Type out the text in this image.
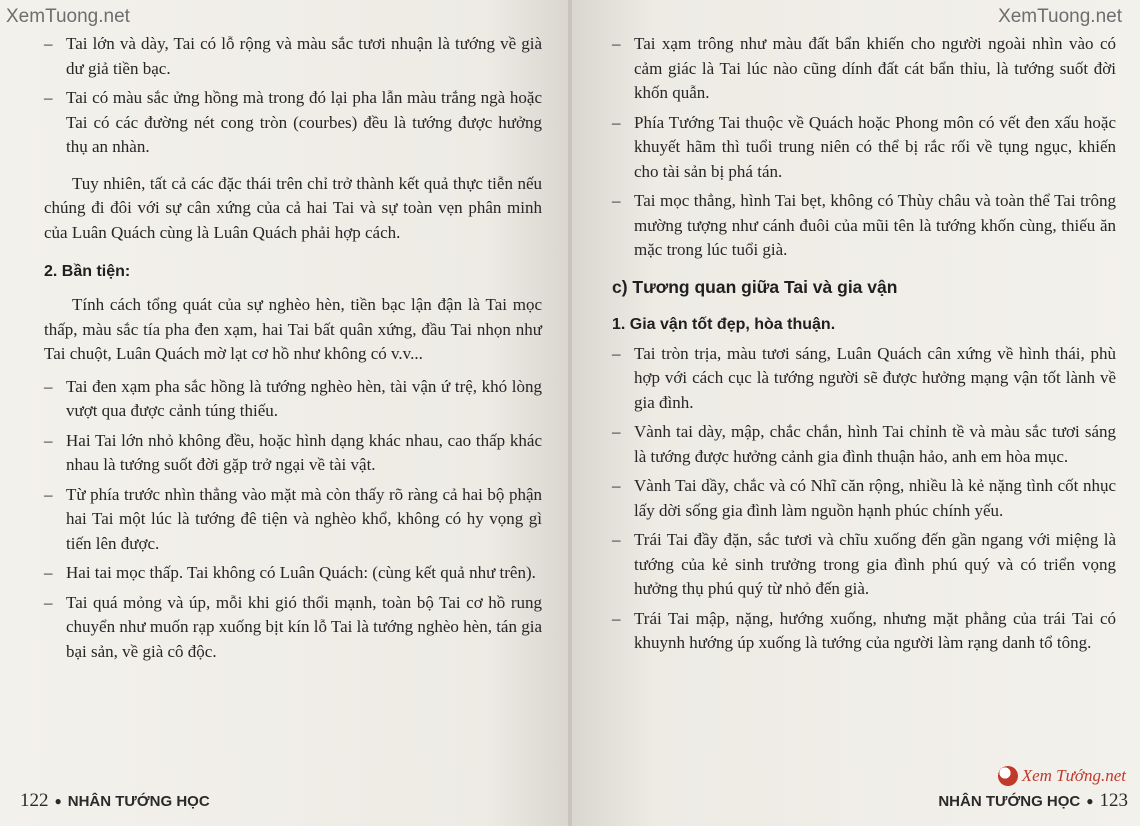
XemTuong.net
– Tai lớn và dày, Tai có lỗ rộng và màu sắc tươi nhuận là tướng về già dư giả tiền bạc.
– Tai có màu sắc ửng hồng mà trong đó lại pha lẫn màu trắng ngà hoặc Tai có các đường nét cong tròn (courbes) đều là tướng được hưởng thụ an nhàn.

Tuy nhiên, tất cả các đặc thái trên chỉ trở thành kết quả thực tiễn nếu chúng đi đôi với sự cân xứng của cả hai Tai và sự toàn vẹn phân minh của Luân Quách cùng là Luân Quách phải hợp cách.

2. Bần tiện:

Tính cách tổng quát của sự nghèo hèn, tiền bạc lận đận là Tai mọc thấp, màu sắc tía pha đen xạm, hai Tai bất quân xứng, đầu Tai nhọn như Tai chuột, Luân Quách mờ lạt cơ hồ như không có v.v...

– Tai đen xạm pha sắc hồng là tướng nghèo hèn, tài vận ứ trệ, khó lòng vượt qua được cảnh túng thiếu.
– Hai Tai lớn nhỏ không đều, hoặc hình dạng khác nhau, cao thấp khác nhau là tướng suốt đời gặp trở ngại về tài vật.
– Từ phía trước nhìn thẳng vào mặt mà còn thấy rõ ràng cả hai bộ phận hai Tai một lúc là tướng đê tiện và nghèo khổ, không có hy vọng gì tiến lên được.
– Hai tai mọc thấp. Tai không có Luân Quách: (cùng kết quả như trên).
– Tai quá mỏng và úp, mỗi khi gió thổi mạnh, toàn bộ Tai cơ hồ rung chuyển như muốn rạp xuống bịt kín lỗ Tai là tướng nghèo hèn, tán gia bại sản, về già cô độc.
122 ● NHÂN TƯỚNG HỌC
XemTuong.net
– Tai xạm trông như màu đất bẩn khiến cho người ngoài nhìn vào có cảm giác là Tai lúc nào cũng dính đất cát bẩn thỉu, là tướng suốt đời khốn quẫn.
– Phía Tướng Tai thuộc về Quách hoặc Phong môn có vết đen xấu hoặc khuyết hãm thì tuổi trung niên có thể bị rắc rối về tụng ngục, khiến cho tài sản bị phá tán.
– Tai mọc thẳng, hình Tai bẹt, không có Thùy châu và toàn thể Tai trông mường tượng như cánh đuôi của mũi tên là tướng khốn cùng, thiếu ăn mặc trong lúc tuổi già.
c) Tương quan giữa Tai và gia vận
1. Gia vận tốt đẹp, hòa thuận.
– Tai tròn trịa, màu tươi sáng, Luân Quách cân xứng về hình thái, phù hợp với cách cục là tướng người sẽ được hưởng mạng vận tốt lành về gia đình.
– Vành tai dày, mập, chắc chắn, hình Tai chỉnh tề và màu sắc tươi sáng là tướng được hưởng cảnh gia đình thuận hảo, anh em hòa mục.
– Vành Tai dầy, chắc và có Nhĩ căn rộng, nhiều là kẻ nặng tình cốt nhục lấy dời sống gia đình làm nguồn hạnh phúc chính yếu.
– Trái Tai đầy đặn, sắc tươi và chĩu xuống đến gần ngang với miệng là tướng của kẻ sinh trưởng trong gia đình phú quý và có triển vọng hưởng thụ phú quý từ nhỏ đến già.
– Trái Tai mập, nặng, hướng xuống, nhưng mặt phẳng của trái Tai có khuynh hướng úp xuống là tướng của người làm rạng danh tổ tông.
Xem Tướng.net
NHÂN TƯỚNG HỌC ● 123
